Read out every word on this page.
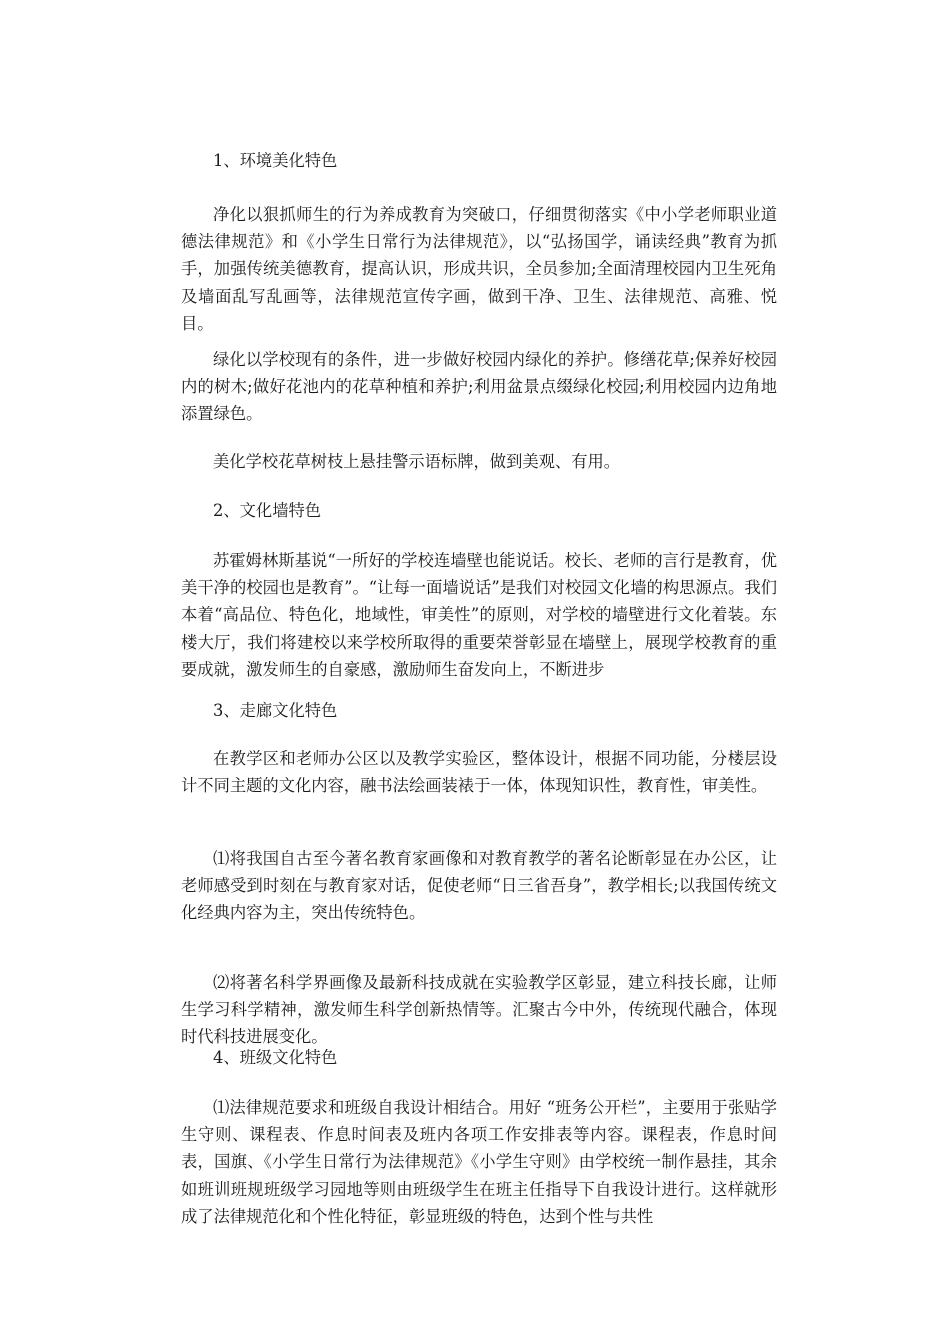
1、环境美化特色

净化以狠抓师生的行为养成教育为突破口，仔细贯彻落实《中小学老师职业道德法律规范》和《小学生日常行为法律规范》，以“弘扬国学，诵读经典”教育为抓手，加强传统美德教育，提高认识，形成共识，全员参加;全面清理校园内卫生死角及墙面乱写乱画等，法律规范宣传字画，做到干净、卫生、法律规范、高雅、悦目。

绿化以学校现有的条件，进一步做好校园内绿化的养护。修缮花草;保养好校园内的树木;做好花池内的花草种植和养护;利用盆景点缀绿化校园;利用校园内边角地添置绿色。

美化学校花草树枝上悬挂警示语标牌，做到美观、有用。

2、文化墙特色

苏霍姆林斯基说“一所好的学校连墙壁也能说话。校长、老师的言行是教育，优美干净的校园也是教育”。“让每一面墙说话”是我们对校园文化墙的构思源点。我们本着“高品位、特色化，地域性，审美性”的原则，对学校的墙壁进行文化着装。东楼大厅，我们将建校以来学校所取得的重要荣誉彰显在墙壁上，展现学校教育的重要成就，激发师生的自豪感，激励师生奋发向上，不断进步

3、走廊文化特色

在教学区和老师办公区以及教学实验区，整体设计，根据不同功能，分楼层设计不同主题的文化内容，融书法绘画装裱于一体，体现知识性，教育性，审美性。

⑴将我国自古至今著名教育家画像和对教育教学的著名论断彰显在办公区，让老师感受到时刻在与教育家对话，促使老师“日三省吾身”，教学相长;以我国传统文化经典内容为主，突出传统特色。

⑵将著名科学界画像及最新科技成就在实验教学区彰显，建立科技长廊，让师生学习科学精神，激发师生科学创新热情等。汇聚古今中外，传统现代融合，体现时代科技进展变化。

4、班级文化特色

⑴法律规范要求和班级自我设计相结合。用好 “班务公开栏”，主要用于张贴学生守则、课程表、作息时间表及班内各项工作安排表等内容。课程表，作息时间表，国旗、《小学生日常行为法律规范》《小学生守则》由学校统一制作悬挂，其余如班训班规班级学习园地等则由班级学生在班主任指导下自我设计进行。这样就形成了法律规范化和个性化特征，彰显班级的特色，达到个性与共性
